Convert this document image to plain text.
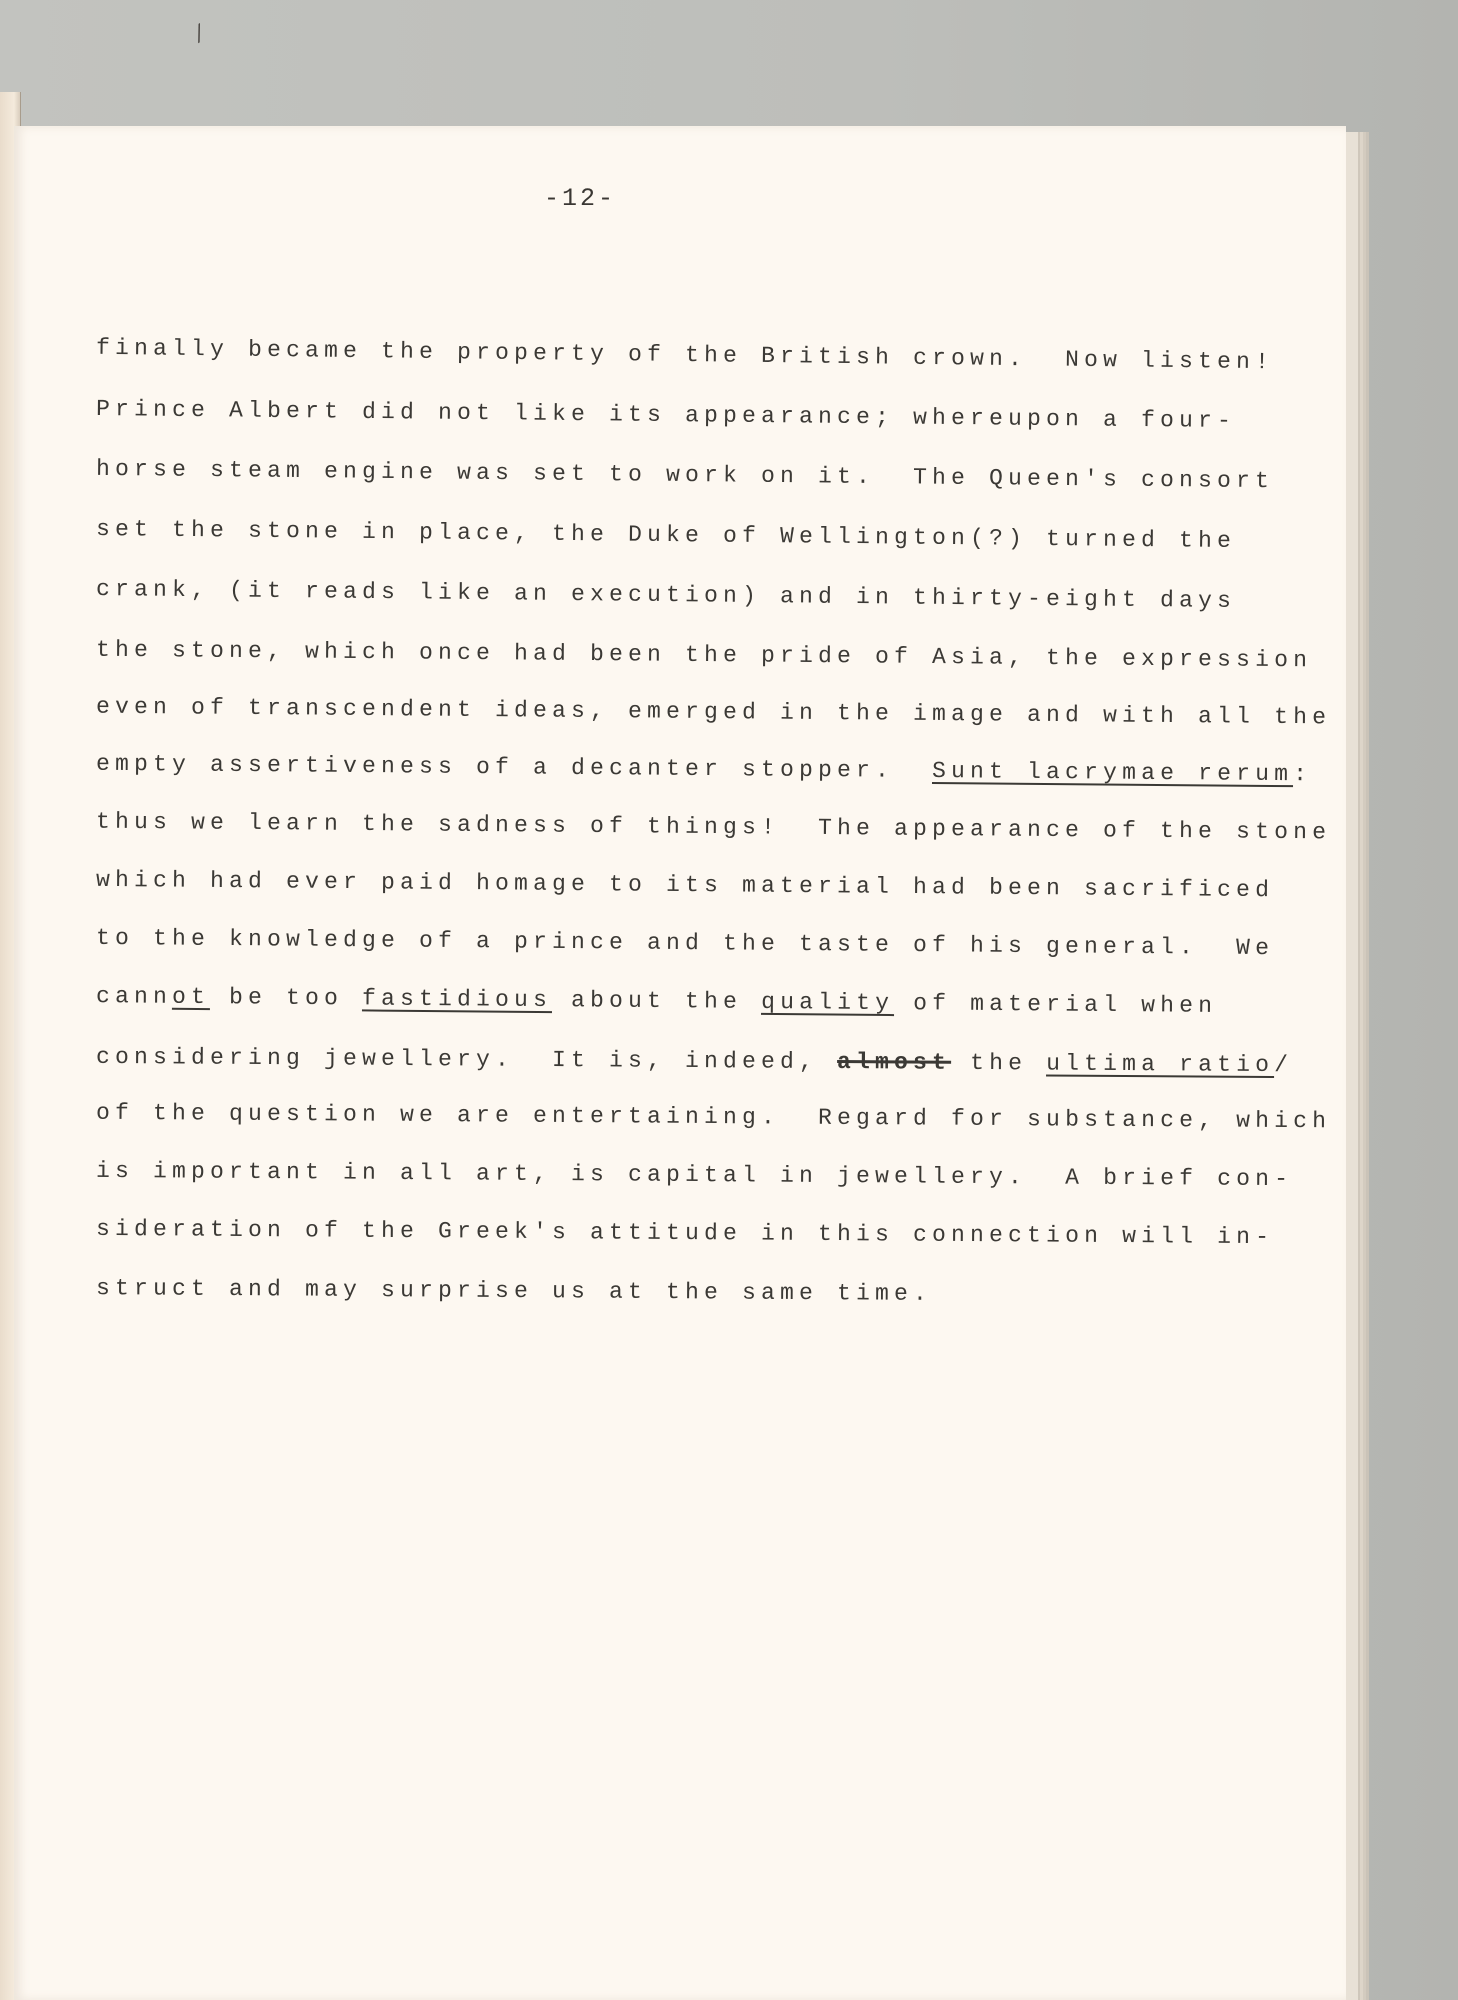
-12-
finally became the property of the British crown.  Now listen!
Prince Albert did not like its appearance; whereupon a four-
horse steam engine was set to work on it.  The Queen's consort
set the stone in place, the Duke of Wellington(?) turned the
crank, (it reads like an execution) and in thirty-eight days
the stone, which once had been the pride of Asia, the expression
even of transcendent ideas, emerged in the image and with all the
empty assertiveness of a decanter stopper.  Sunt lacrymae rerum:
thus we learn the sadness of things!  The appearance of the stone
which had ever paid homage to its material had been sacrificed
to the knowledge of a prince and the taste of his general.  We
cannot be too fastidious about the quality of material when
considering jewellery.  It is, indeed, almost the ultima ratio/
of the question we are entertaining.  Regard for substance, which
is important in all art, is capital in jewellery.  A brief con-
sideration of the Greek's attitude in this connection will in-
struct and may surprise us at the same time.
⁄
